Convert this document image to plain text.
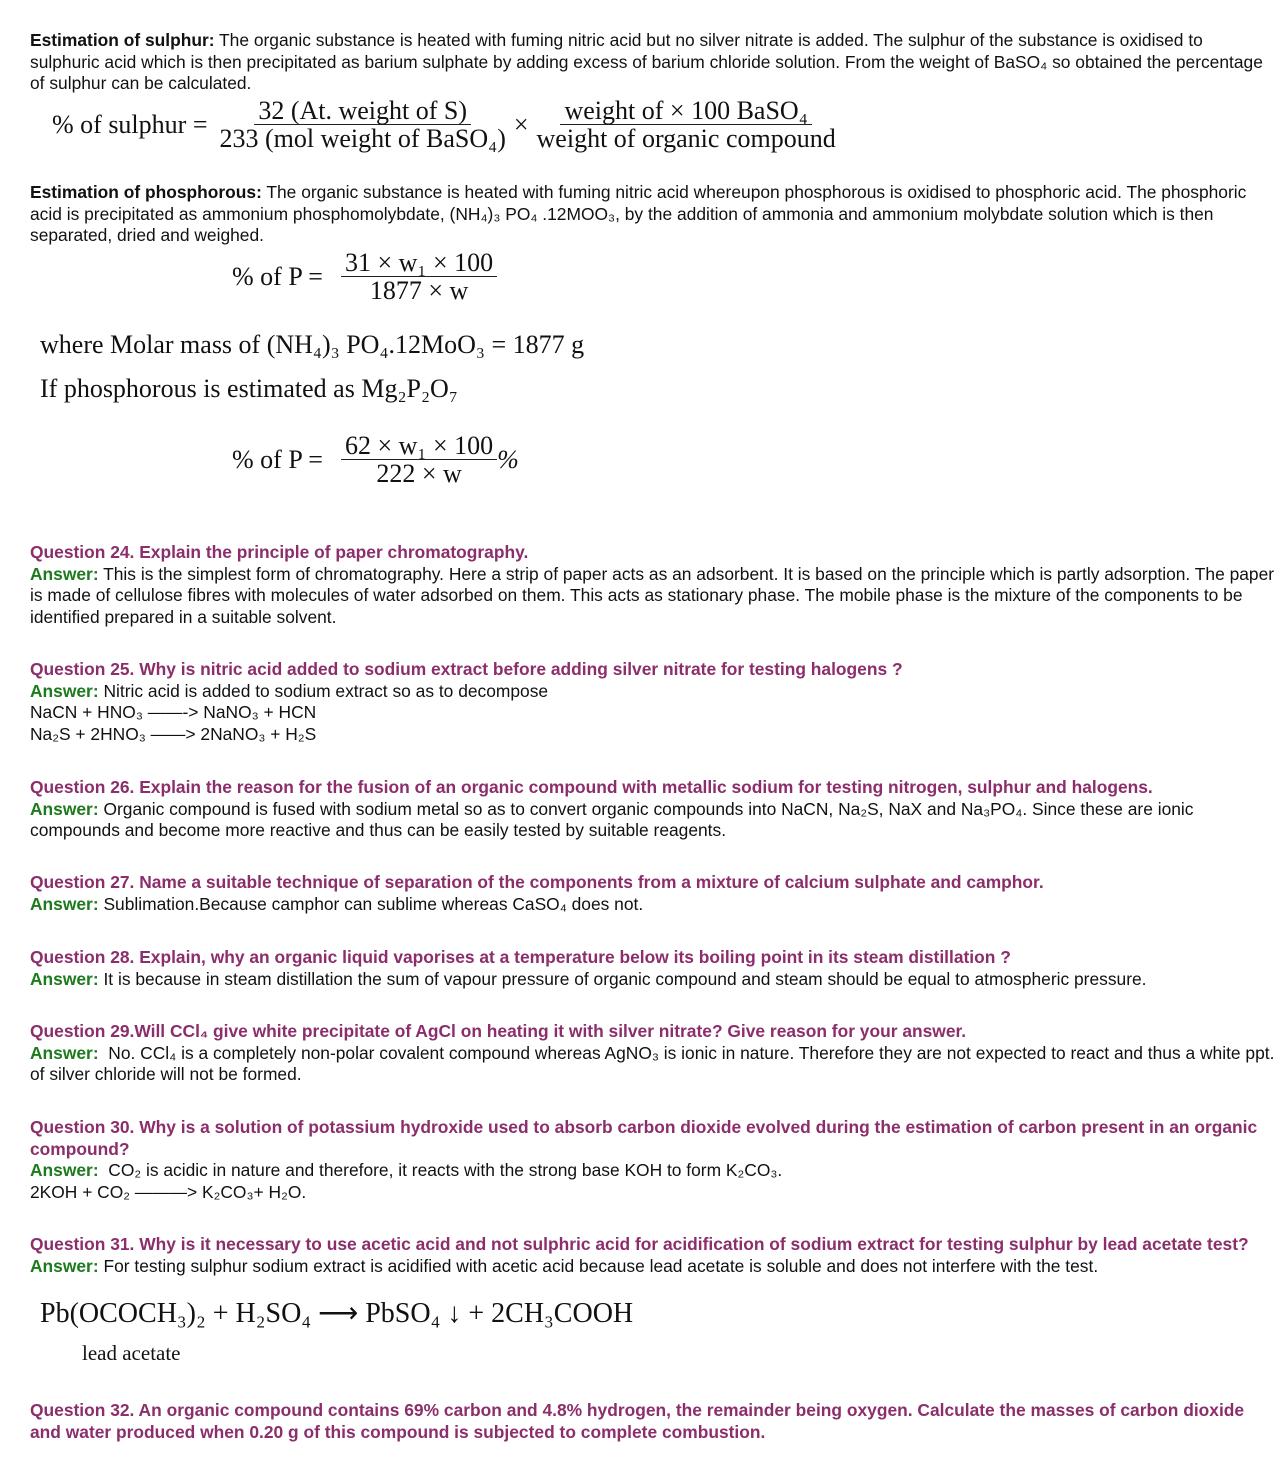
Estimation of sulphur: The organic substance is heated with fuming nitric acid but no silver nitrate is added. The sulphur of the substance is oxidised to sulphuric acid which is then precipitated as barium sulphate by adding excess of barium chloride solution. From the weight of BaSO₄ so obtained the percentage of sulphur can be calculated.
% of sulphur = $\frac{\text{32 (At. weight of S)}}{\text{233 (mol weight of BaSO₄)}} \times \frac{\text{weight of × 100 BaSO₄}}{\text{weight of organic compound}}$
Estimation of phosphorous: The organic substance is heated with fuming nitric acid whereupon phosphorous is oxidised to phosphoric acid. The phosphoric acid is precipitated as ammonium phosphomolybdate, (NH₄)₃ PO₄ .12MOO₃, by the addition of ammonia and ammonium molybdate solution which is then separated, dried and weighed.
% of $P = \frac{\text{31 × w₁ × 100}}{1877 \times w}$
where Molar mass of (NH₄)₃ PO₄.12MoO₃ = 1877 g
If phosphorous is estimated as Mg₂P₂O₇
% of $P = \frac{\text{62 × w₁ × 100}}{222 \times w}$ %
Question 24. Explain the principle of paper chromatography.
Answer: This is the simplest form of chromatography. Here a strip of paper acts as an adsorbent. It is based on the principle which is partly adsorption. The paper is made of cellulose fibres with molecules of water adsorbed on them. This acts as stationary phase. The mobile phase is the mixture of the components to be identified prepared in a suitable solvent.
Question 25. Why is nitric acid added to sodium extract before adding silver nitrate for testing halogens ?
Answer: Nitric acid is added to sodium extract so as to decompose
NaCN + HNO₃ ——-> NaNO₃ + HCN
Na₂S + 2HNO₃ ——> 2NaNO₃ + H₂S
Question 26. Explain the reason for the fusion of an organic compound with metallic sodium for testing nitrogen, sulphur and halogens.
Answer: Organic compound is fused with sodium metal so as to convert organic compounds into NaCN, Na₂S, NaX and Na₃PO₄. Since these are ionic compounds and become more reactive and thus can be easily tested by suitable reagents.
Question 27. Name a suitable technique of separation of the components from a mixture of calcium sulphate and camphor.
Answer: Sublimation.Because camphor can sublime whereas CaSO₄ does not.
Question 28. Explain, why an organic liquid vaporises at a temperature below its boiling point in its steam distillation ?
Answer: It is because in steam distillation the sum of vapour pressure of organic compound and steam should be equal to atmospheric pressure.
Question 29.Will CCl₄ give white precipitate of AgCl on heating it with silver nitrate? Give reason for your answer.
Answer:  No. CCl₄ is a completely non-polar covalent compound whereas AgNO₃ is ionic in nature. Therefore they are not expected to react and thus a white ppt. of silver chloride will not be formed.
Question 30. Why is a solution of potassium hydroxide used to absorb carbon dioxide evolved during the estimation of carbon present in an organic compound?
Answer:  CO₂ is acidic in nature and therefore, it reacts with the strong base KOH to form K₂CO₃.
2KOH + CO₂ ———> K₂CO₃+ H₂O.
Question 31. Why is it necessary to use acetic acid and not sulphric acid for acidification of sodium extract for testing sulphur by lead acetate test?
Answer: For testing sulphur sodium extract is acidified with acetic acid because lead acetate is soluble and does not interfere with the test.
Pb(OCOCH₃)₂ + H₂SO₄ ⟶ PbSO₄ ↓ + 2CH₃COOH
lead acetate
Question 32. An organic compound contains 69% carbon and 4.8% hydrogen, the remainder being oxygen. Calculate the masses of carbon dioxide and water produced when 0.20 g of this compound is subjected to complete combustion.
